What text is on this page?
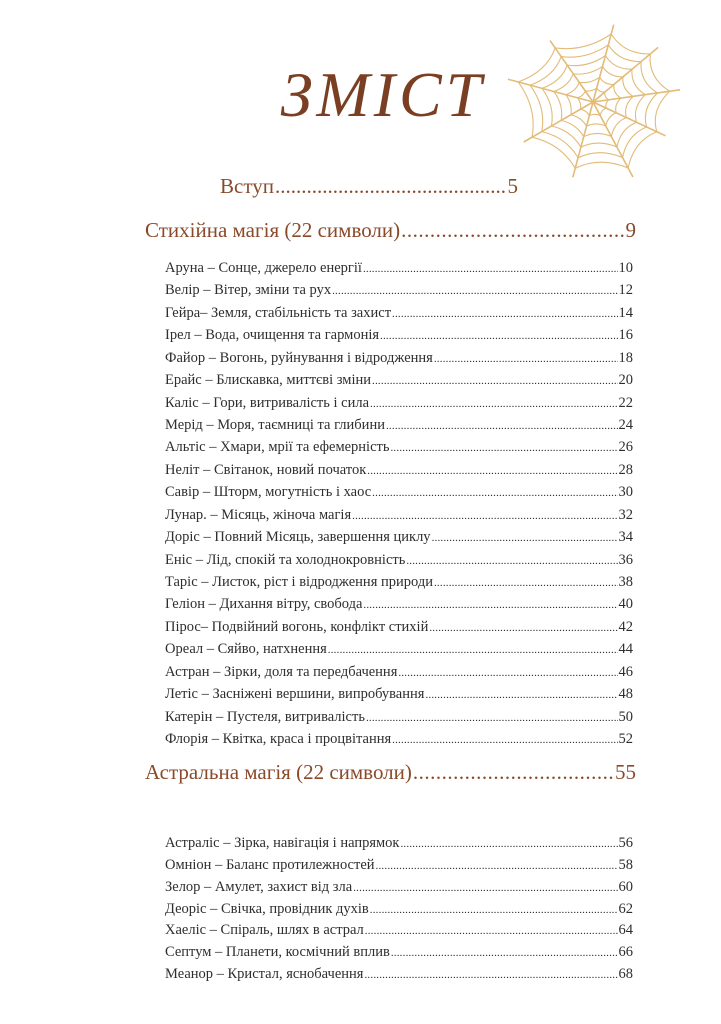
ЗМІСТ
Вступ .....	5
Стихійна магія (22 символи) .....	9
Аруна – Сонце, джерело енергії .....	10
Велір – Вітер, зміни та рух .....	12
Гейра– Земля, стабільність та захист .....	14
Ірел – Вода, очищення та гармонія .....	16
Файор – Вогонь, руйнування і відродження .....	18
Ерайс – Блискавка, миттєві зміни .....	20
Каліс – Гори, витривалість і сила .....	22
Мерід – Моря, таємниці та глибини .....	24
Альтіс – Хмари, мрії та ефемерність .....	26
Неліт – Світанок, новий початок .....	28
Савір – Шторм, могутність і хаос .....	30
Лунар. – Місяць, жіноча магія .....	32
Доріс – Повний Місяць, завершення циклу .....	34
Еніс – Лід, спокій та холоднокровність .....	36
Таріс – Листок, ріст і відродження природи .....	38
Геліон – Дихання вітру, свобода .....	40
Пірос– Подвійний вогонь, конфлікт стихій .....	42
Ореал – Сяйво, натхнення .....	44
Астран – Зірки, доля та передбачення .....	46
Летіс – Засніжені вершини, випробування .....	48
Катерін – Пустеля, витривалість .....	50
Флорія – Квітка, краса і процвітання .....	52
Астральна магія (22 символи) .....	55
Астраліс – Зірка, навігація і напрямок .....	56
Омніон – Баланс протилежностей .....	58
Зелор – Амулет, захист від зла .....	60
Деоріс – Свічка, провідник духів .....	62
Хаеліс – Спіраль, шлях в астрал .....	64
Септум – Планети, космічний вплив .....	66
Меанор – Кристал, яснобачення .....	68
